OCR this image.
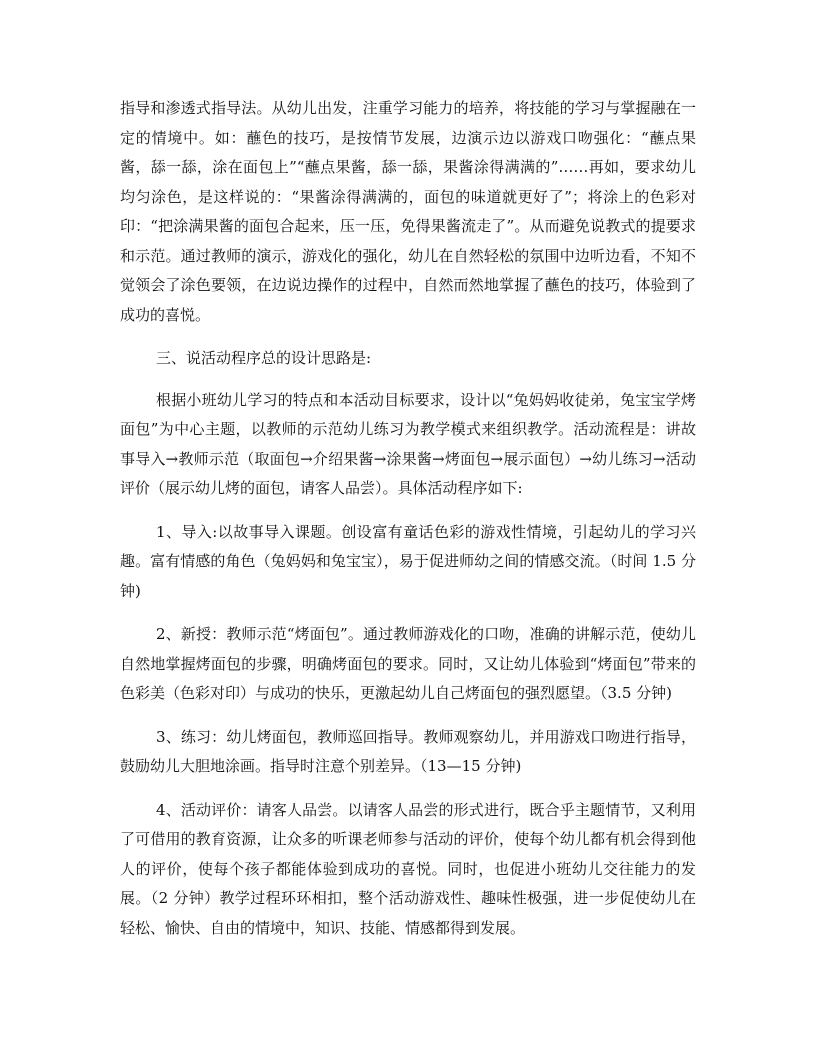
指导和渗透式指导法。从幼儿出发，注重学习能力的培养，将技能的学习与掌握融在一定的情境中。如：蘸色的技巧，是按情节发展，边演示边以游戏口吻强化：“蘸点果酱，舔一舔，涂在面包上”“蘸点果酱，舔一舔，果酱涂得满满的”……再如，要求幼儿均匀涂色，是这样说的：“果酱涂得满满的，面包的味道就更好了”；将涂上的色彩对印：“把涂满果酱的面包合起来，压一压，免得果酱流走了”。从而避免说教式的提要求和示范。通过教师的演示，游戏化的强化，幼儿在自然轻松的氛围中边听边看，不知不觉领会了涂色要领，在边说边操作的过程中，自然而然地掌握了蘸色的技巧，体验到了成功的喜悦。

三、说活动程序总的设计思路是:

根据小班幼儿学习的特点和本活动目标要求，设计以“兔妈妈收徒弟，兔宝宝学烤面包”为中心主题，以教师的示范幼儿练习为教学模式来组织教学。活动流程是：讲故事导入→教师示范（取面包→介绍果酱→涂果酱→烤面包→展示面包）→幼儿练习→活动评价（展示幼儿烤的面包，请客人品尝）。具体活动程序如下:

1、导入:以故事导入课题。创设富有童话色彩的游戏性情境，引起幼儿的学习兴趣。富有情感的角色（兔妈妈和兔宝宝），易于促进师幼之间的情感交流。（时间 1.5 分钟)

2、新授：教师示范“烤面包”。通过教师游戏化的口吻，准确的讲解示范，使幼儿自然地掌握烤面包的步骤，明确烤面包的要求。同时，又让幼儿体验到“烤面包”带来的色彩美（色彩对印）与成功的快乐，更激起幼儿自己烤面包的强烈愿望。（3.5 分钟)

3、练习：幼儿烤面包，教师巡回指导。教师观察幼儿，并用游戏口吻进行指导，鼓励幼儿大胆地涂画。指导时注意个别差异。（13—15 分钟)

4、活动评价：请客人品尝。以请客人品尝的形式进行，既合乎主题情节，又利用了可借用的教育资源，让众多的听课老师参与活动的评价，使每个幼儿都有机会得到他人的评价，使每个孩子都能体验到成功的喜悦。同时，也促进小班幼儿交往能力的发展。（2 分钟）教学过程环环相扣，整个活动游戏性、趣味性极强，进一步促使幼儿在轻松、愉快、自由的情境中，知识、技能、情感都得到发展。
